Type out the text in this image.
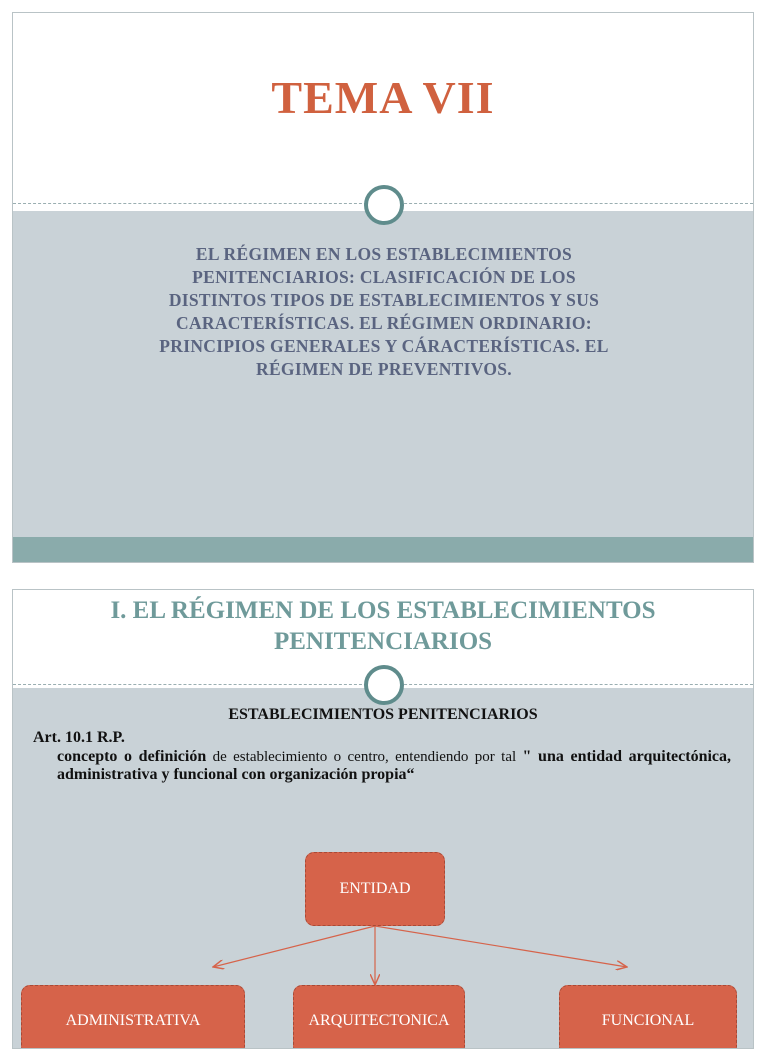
TEMA VII
EL RÉGIMEN EN LOS ESTABLECIMIENTOS
PENITENCIARIOS: CLASIFICACIÓN DE LOS
DISTINTOS TIPOS DE ESTABLECIMIENTOS Y SUS
CARACTERÍSTICAS. EL RÉGIMEN ORDINARIO:
PRINCIPIOS GENERALES Y CÁRACTERÍSTICAS. EL
RÉGIMEN DE PREVENTIVOS.
I. EL RÉGIMEN DE LOS ESTABLECIMIENTOS
PENITENCIARIOS
ESTABLECIMIENTOS PENITENCIARIOS
Art. 10.1 R.P.
concepto o definición de establecimiento o centro, entendiendo por tal " una entidad arquitectónica, administrativa y funcional con organización propia“
ENTIDAD
ADMINISTRATIVA	ARQUITECTONICA	FUNCIONAL
